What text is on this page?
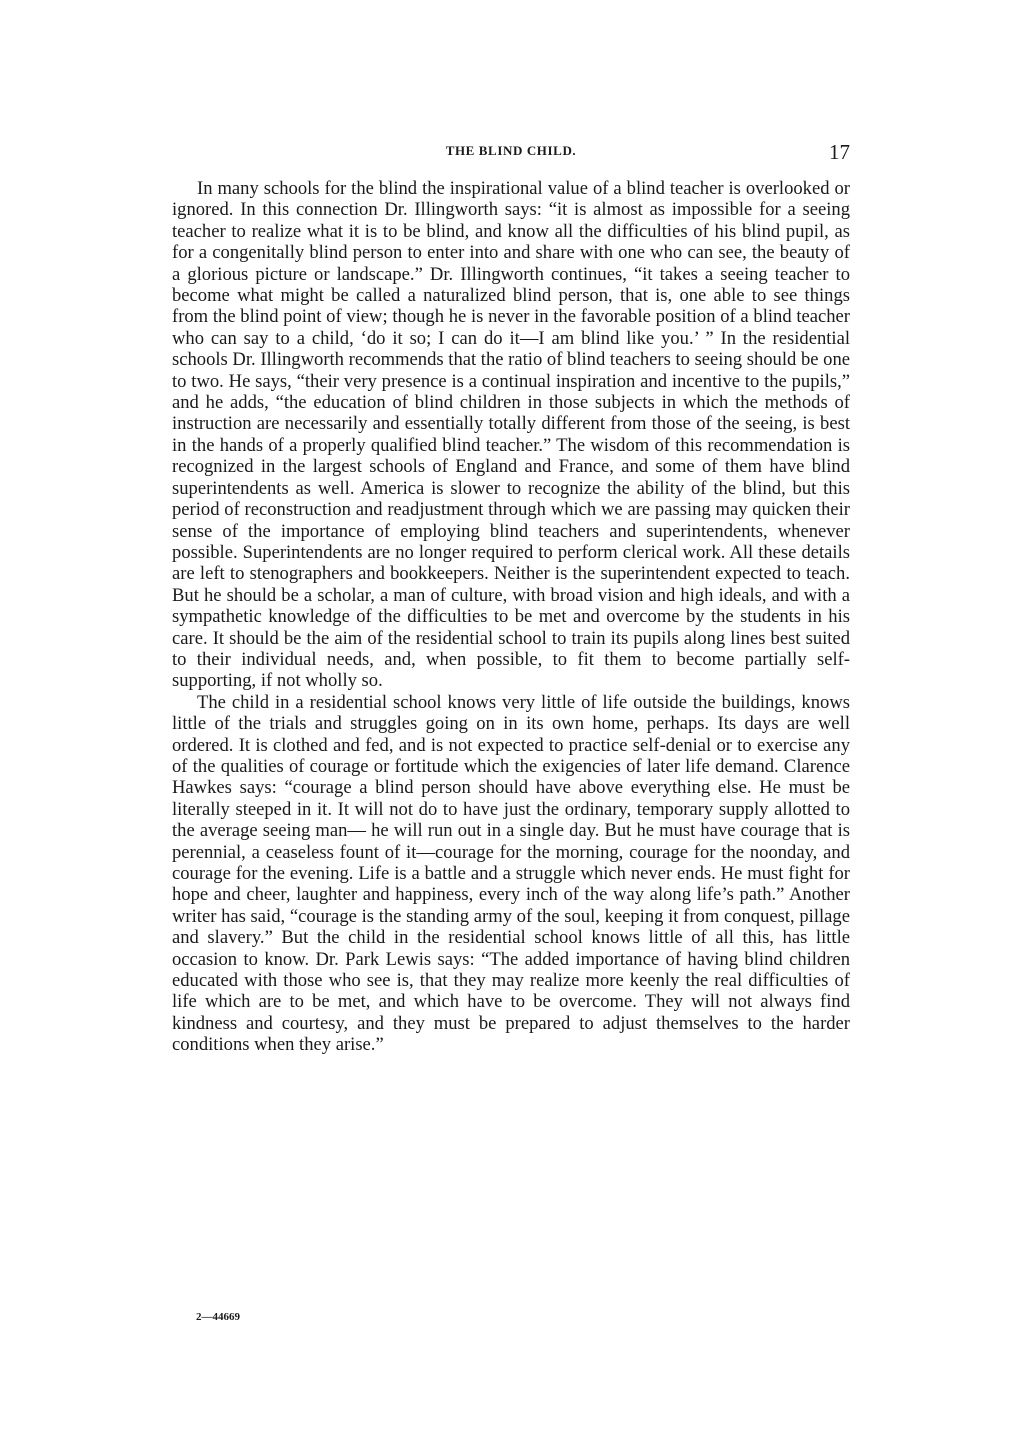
THE BLIND CHILD.	17

In many schools for the blind the inspirational value of a blind teacher is overlooked or ignored. In this connection Dr. Illingworth says: “it is almost as impossible for a seeing teacher to realize what it is to be blind, and know all the difficulties of his blind pupil, as for a congenitally blind person to enter into and share with one who can see, the beauty of a glorious picture or landscape.” Dr. Illingworth continues, “it takes a seeing teacher to become what might be called a naturalized blind person, that is, one able to see things from the blind point of view; though he is never in the favorable position of a blind teacher who can say to a child, ‘do it so; I can do it—I am blind like you.’ ” In the residential schools Dr. Illingworth recommends that the ratio of blind teachers to seeing should be one to two. He says, “their very presence is a continual inspiration and incentive to the pupils,” and he adds, “the education of blind children in those subjects in which the methods of instruction are necessarily and essentially totally different from those of the seeing, is best in the hands of a properly qualified blind teacher.” The wisdom of this recommendation is recognized in the largest schools of England and France, and some of them have blind superintendents as well. America is slower to recognize the ability of the blind, but this period of reconstruction and readjustment through which we are passing may quicken their sense of the importance of employing blind teachers and superintendents, whenever possible. Superintendents are no longer required to perform clerical work. All these details are left to stenographers and bookkeepers. Neither is the superintendent expected to teach. But he should be a scholar, a man of culture, with broad vision and high ideals, and with a sympathetic knowledge of the difficulties to be met and overcome by the students in his care. It should be the aim of the residential school to train its pupils along lines best suited to their individual needs, and, when possible, to fit them to become partially self-supporting, if not wholly so.

The child in a residential school knows very little of life outside the buildings, knows little of the trials and struggles going on in its own home, perhaps. Its days are well ordered. It is clothed and fed, and is not expected to practice self-denial or to exercise any of the qualities of courage or fortitude which the exigencies of later life demand. Clarence Hawkes says: “courage a blind person should have above everything else. He must be literally steeped in it. It will not do to have just the ordinary, temporary supply allotted to the average seeing man— he will run out in a single day. But he must have courage that is perennial, a ceaseless fount of it—courage for the morning, courage for the noonday, and courage for the evening. Life is a battle and a struggle which never ends. He must fight for hope and cheer, laughter and happiness, every inch of the way along life’s path.” Another writer has said, “courage is the standing army of the soul, keeping it from conquest, pillage and slavery.” But the child in the residential school knows little of all this, has little occasion to know. Dr. Park Lewis says: “The added importance of having blind children educated with those who see is, that they may realize more keenly the real difficulties of life which are to be met, and which have to be overcome. They will not always find kindness and courtesy, and they must be prepared to adjust themselves to the harder conditions when they arise.”

2—44669
